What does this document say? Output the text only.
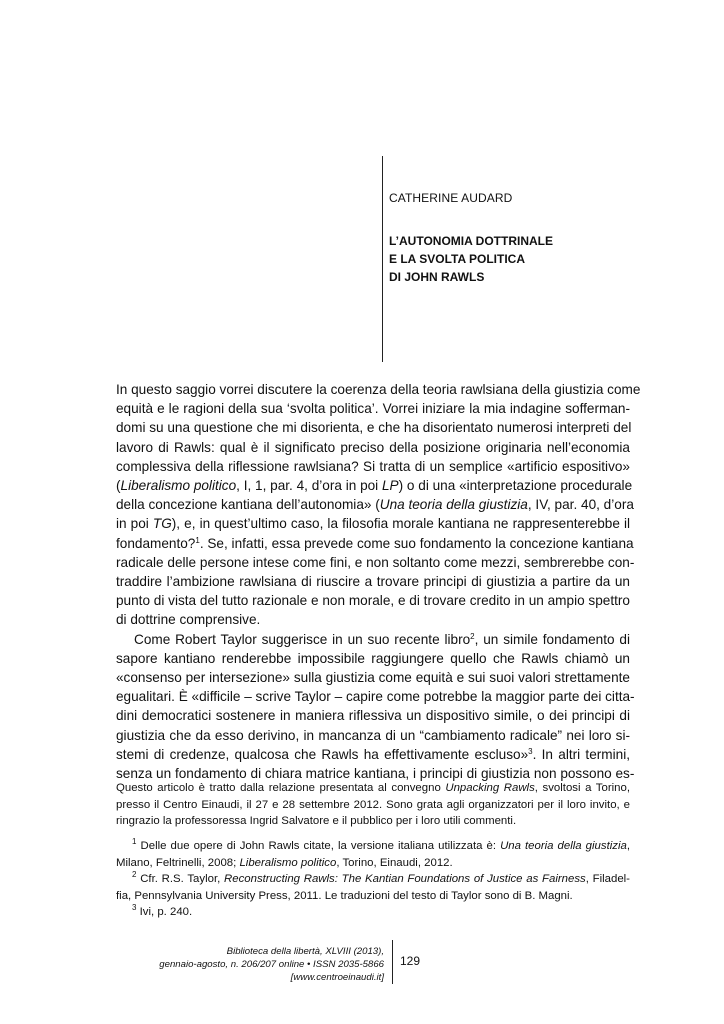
CATHERINE AUDARD
L’AUTONOMIA DOTTRINALE
E LA SVOLTA POLITICA
DI JOHN RAWLS

In questo saggio vorrei discutere la coerenza della teoria rawlsiana della giustizia come
equità e le ragioni della sua ‘svolta politica’. Vorrei iniziare la mia indagine sofferman-
domi su una questione che mi disorienta, e che ha disorientato numerosi interpreti del
lavoro di Rawls: qual è il significato preciso della posizione originaria nell’economia
complessiva della riflessione rawlsiana? Si tratta di un semplice «artificio espositivo»
(Liberalismo politico, I, 1, par. 4, d’ora in poi LP) o di una «interpretazione procedurale
della concezione kantiana dell’autonomia» (Una teoria della giustizia, IV, par. 40, d’ora
in poi TG), e, in quest’ultimo caso, la filosofia morale kantiana ne rappresenterebbe il
fondamento?$^1$. Se, infatti, essa prevede come suo fondamento la concezione kantiana
radicale delle persone intese come fini, e non soltanto come mezzi, sembrerebbe con-
traddire l’ambizione rawlsiana di riuscire a trovare principi di giustizia a partire da un
punto di vista del tutto razionale e non morale, e di trovare credito in un ampio spettro
di dottrine comprensive.

Come Robert Taylor suggerisce in un suo recente libro$^2$, un simile fondamento di
sapore kantiano renderebbe impossibile raggiungere quello che Rawls chiamò un
«consenso per intersezione» sulla giustizia come equità e sui suoi valori strettamente
egualitari. È «difficile – scrive Taylor – capire come potrebbe la maggior parte dei citta-
dini democratici sostenere in maniera riflessiva un dispositivo simile, o dei principi di
giustizia che da esso derivino, in mancanza di un “cambiamento radicale” nei loro si-
stemi di credenze, qualcosa che Rawls ha effettivamente escluso»$^3$. In altri termini,
senza un fondamento di chiara matrice kantiana, i principi di giustizia non possono es-

Questo articolo è tratto dalla relazione presentata al convegno Unpacking Rawls, svoltosi a Torino,
presso il Centro Einaudi, il 27 e 28 settembre 2012. Sono grata agli organizzatori per il loro invito, e
ringrazio la professoressa Ingrid Salvatore e il pubblico per i loro utili commenti.
$^1$ Delle due opere di John Rawls citate, la versione italiana utilizzata è: Una teoria della giustizia,
Milano, Feltrinelli, 2008; Liberalismo politico, Torino, Einaudi, 2012.
$^2$ Cfr. R.S. Taylor, Reconstructing Rawls: The Kantian Foundations of Justice as Fairness, Filadel-
fia, Pennsylvania University Press, 2011. Le traduzioni del testo di Taylor sono di B. Magni.
$^3$ Ivi, p. 240.
Biblioteca della libertà, XLVIII (2013),
gennaio-agosto, n. 206/207 online • ISSN 2035-5866
[www.centroeinaudi.it]
129
